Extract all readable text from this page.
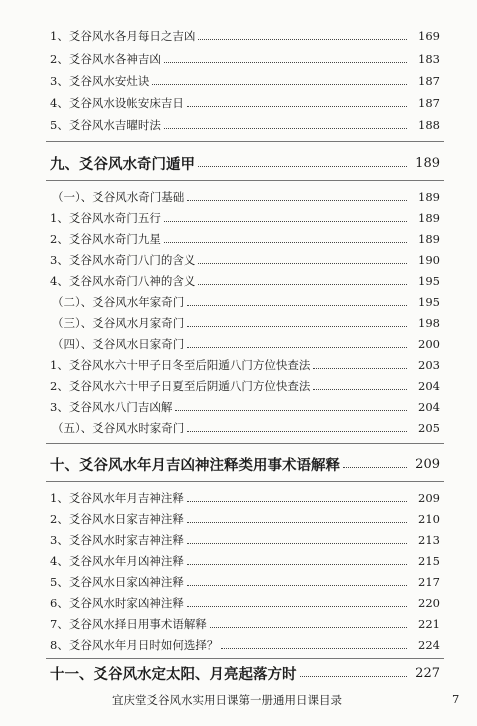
1、爻谷风水各月每日之吉凶	169
2、爻谷风水各神吉凶	183
3、爻谷风水安灶诀	187
4、爻谷风水设帐安床吉日	187
5、爻谷风水吉曜时法	188
九、爻谷风水奇门遁甲	189
（一）、爻谷风水奇门基础	189
1、爻谷风水奇门五行	189
2、爻谷风水奇门九星	189
3、爻谷风水奇门八门的含义	190
4、爻谷风水奇门八神的含义	195
（二）、爻谷风水年家奇门	195
（三）、爻谷风水月家奇门	198
（四）、爻谷风水日家奇门	200
1、爻谷风水六十甲子日冬至后阳遁八门方位快查法	203
2、爻谷风水六十甲子日夏至后阴遁八门方位快查法	204
3、爻谷风水八门吉凶解	204
（五）、爻谷风水时家奇门	205
十、爻谷风水年月吉凶神注释类用事术语解释	209
1、爻谷风水年月吉神注释	209
2、爻谷风水日家吉神注释	210
3、爻谷风水时家吉神注释	213
4、爻谷风水年月凶神注释	215
5、爻谷风水日家凶神注释	217
6、爻谷风水时家凶神注释	220
7、爻谷风水择日用事术语解释	221
8、爻谷风水年月日时如何选择？	224
十一、爻谷风水定太阳、月亮起落方时	227
宜庆堂爻谷风水实用日课第一册通用日课目录	7
